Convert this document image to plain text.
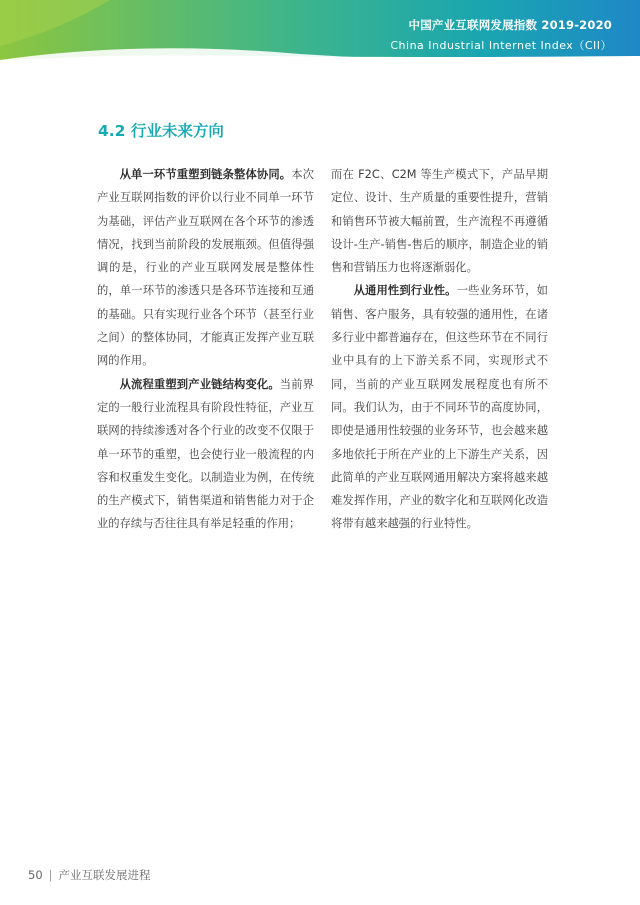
中国产业互联网发展指数 2019-2020
China Industrial Internet Index（CII）
4.2 行业未来方向

从单一环节重塑到链条整体协同。本次产业互联网指数的评价以行业不同单一环节为基础，评估产业互联网在各个环节的渗透情况，找到当前阶段的发展瓶颈。但值得强调的是，行业的产业互联网发展是整体性的，单一环节的渗透只是各环节连接和互通的基础。只有实现行业各个环节（甚至行业之间）的整体协同，才能真正发挥产业互联网的作用。

从流程重塑到产业链结构变化。当前界定的一般行业流程具有阶段性特征，产业互联网的持续渗透对各个行业的改变不仅限于单一环节的重塑，也会使行业一般流程的内容和权重发生变化。以制造业为例，在传统的生产模式下，销售渠道和销售能力对于企业的存续与否往往具有举足轻重的作用；

而在 F2C、C2M 等生产模式下，产品早期定位、设计、生产质量的重要性提升，营销和销售环节被大幅前置，生产流程不再遵循设计-生产-销售-售后的顺序，制造企业的销售和营销压力也将逐渐弱化。

从通用性到行业性。一些业务环节，如销售、客户服务，具有较强的通用性，在诸多行业中都普遍存在，但这些环节在不同行业中具有的上下游关系不同，实现形式不同，当前的产业互联网发展程度也有所不同。我们认为，由于不同环节的高度协同，即使是通用性较强的业务环节，也会越来越多地依托于所在产业的上下游生产关系，因此简单的产业互联网通用解决方案将越来越难发挥作用，产业的数字化和互联网化改造将带有越来越强的行业特性。

50 | 产业互联发展进程
